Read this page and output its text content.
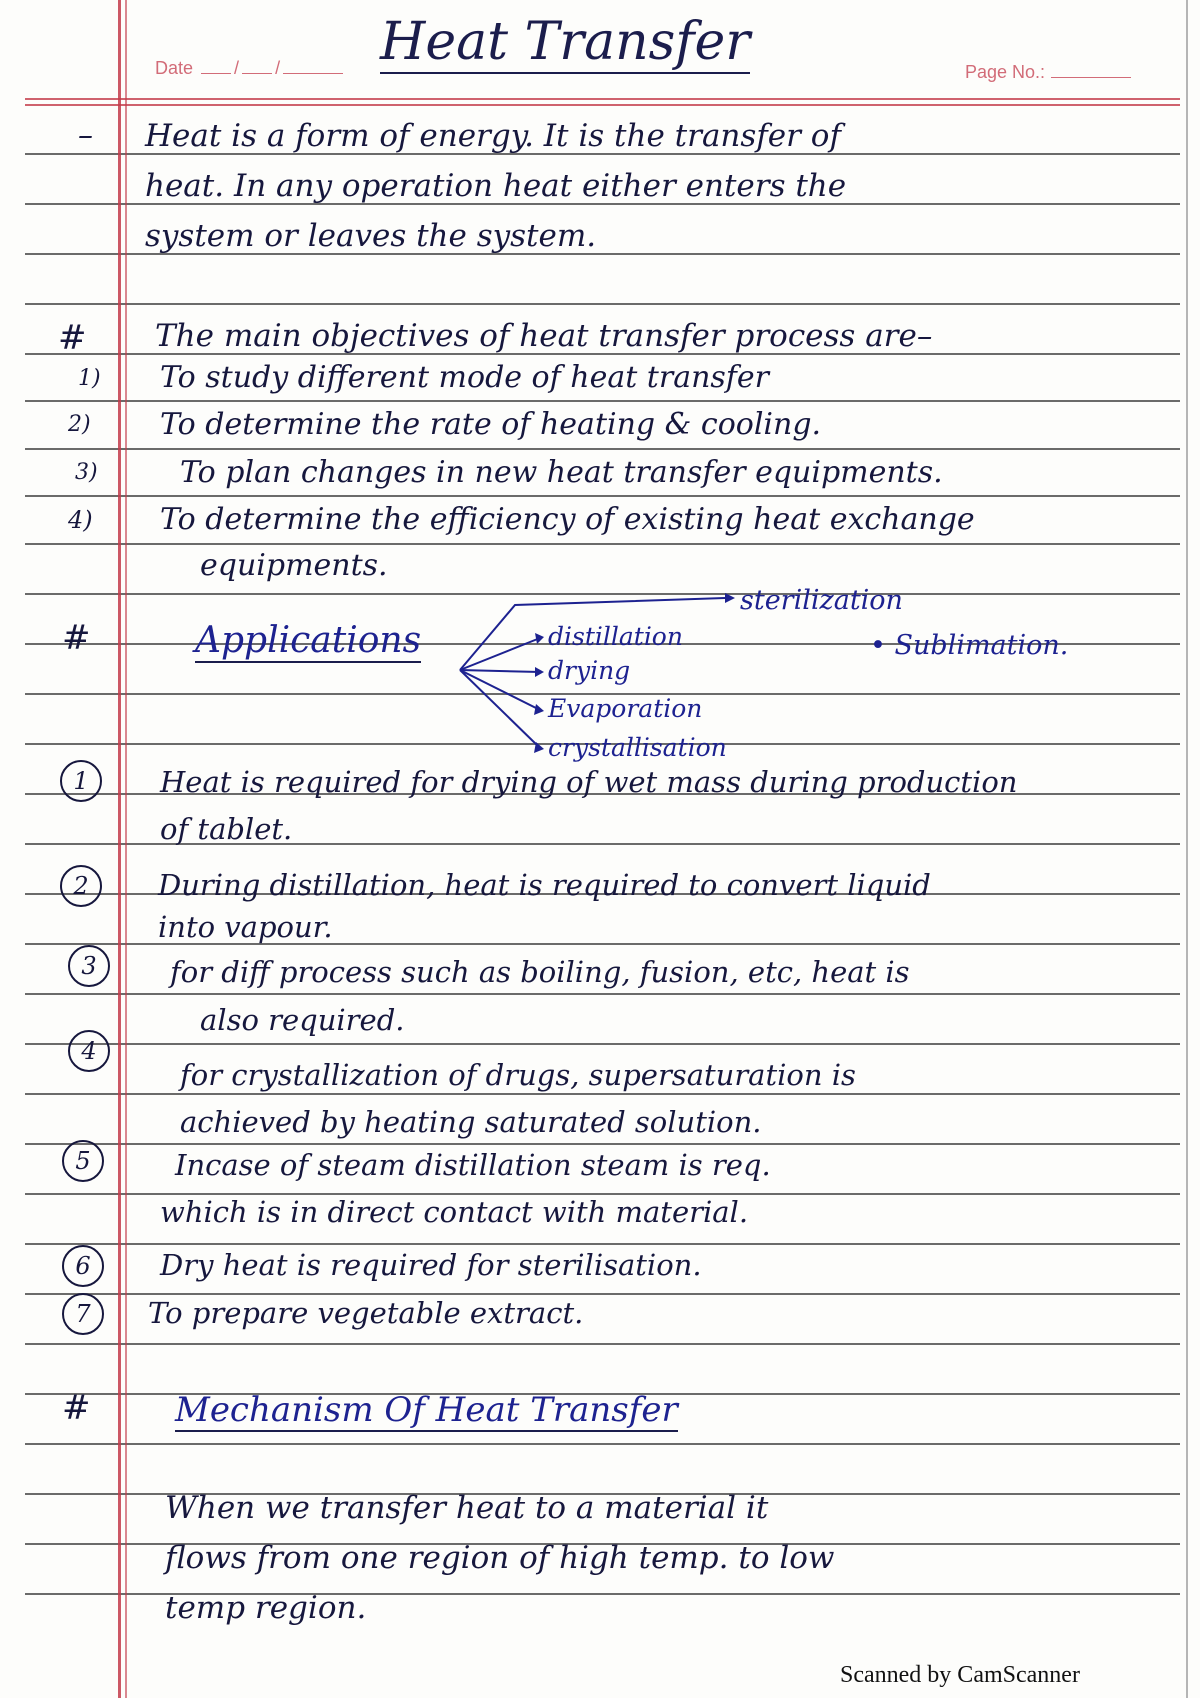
Date / /	Page No.:
Heat Transfer
– Heat is a form of energy. It is the transfer of
heat. In any operation heat either enters the
system or leaves the system.
# The main objectives of heat transfer process are–
1) To study different mode of heat transfer
2) To determine the rate of heating & cooling.
3)	To plan changes in new heat transfer equipments.
4) To determine the efficiency of existing heat exchange
equipments.
#	Applications
sterilization
distillation
drying
Evaporation
crystallisation
• Sublimation.
1	Heat is required for drying of wet mass during production
of tablet.
2	During distillation, heat is required to convert liquid
into vapour.
3	for diff process such as boiling, fusion, etc, heat is
also required.
4
for crystallization of drugs, supersaturation is
achieved by heating saturated solution.
5	Incase of steam distillation steam is req.
which is in direct contact with material.
6	Dry heat is required for sterilisation.
7	To prepare vegetable extract.
# Mechanism Of Heat Transfer
When we transfer heat to a material it
flows from one region of high temp. to low
temp region.
Scanned by CamScanner
